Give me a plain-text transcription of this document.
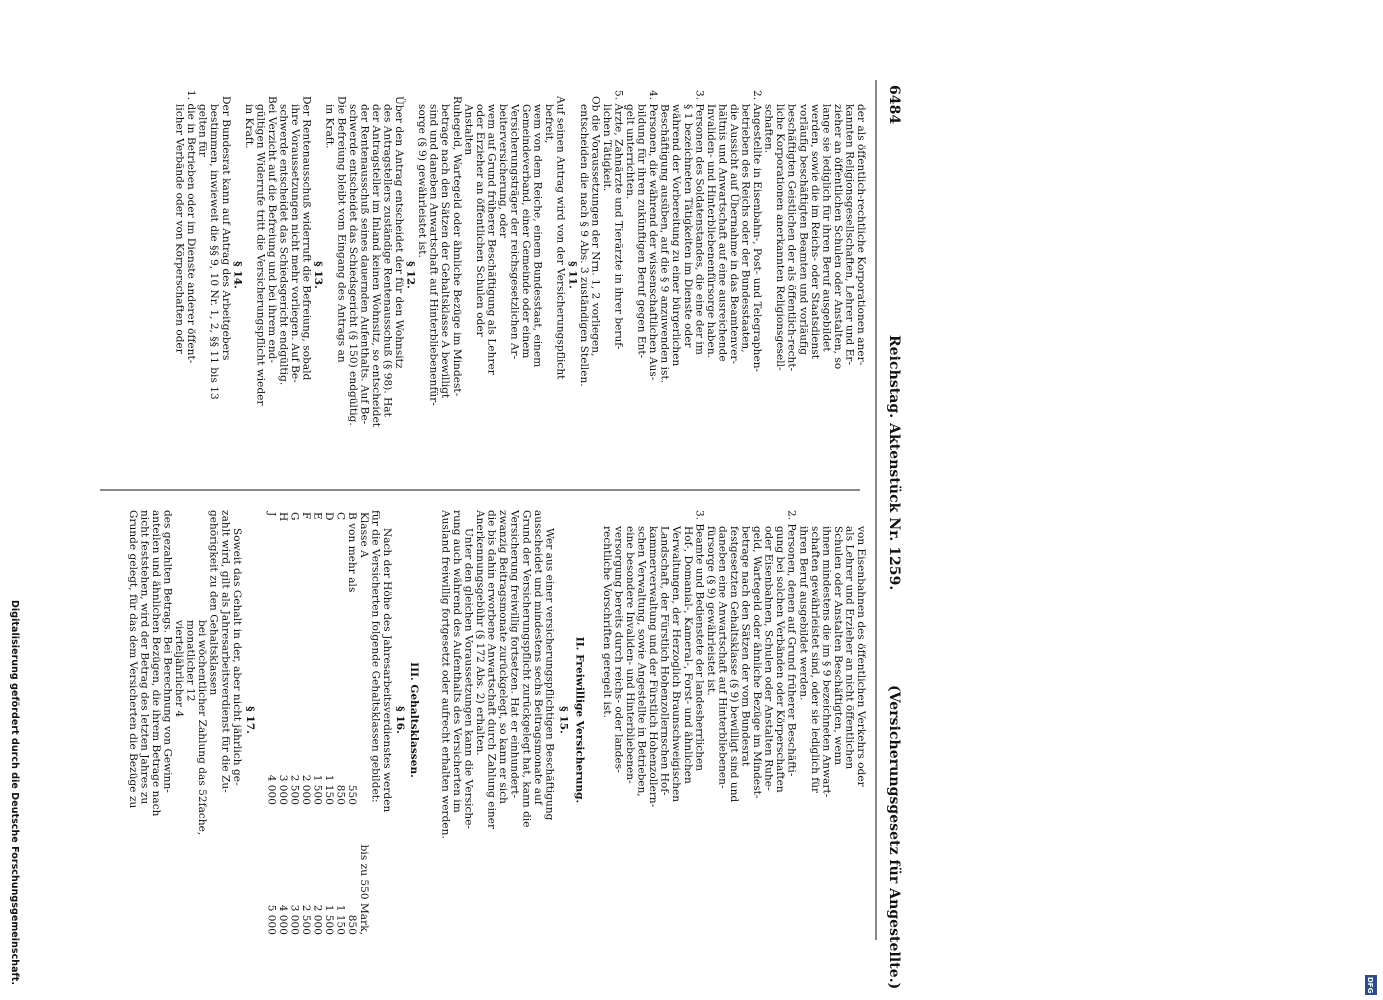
6484
Reichstag. Aktenstück Nr. 1259.
(Versicherungsgesetz für Angestellte.)
der als öffentlich-rechtliche Korporationen aner-
kannten Religionsgesellschaften, Lehrer und Er-
zieher an öffentlichen Schulen oder Anstalten, so
lange sie lediglich für ihren Beruf ausgebildet
werden, sowie die im Reichs- oder Staatsdienst
vorläufig beschäftigten Beamten und vorläufig
beschäftigten Geistlichen der als öffentlich-recht-
liche Korporationen anerkannten Religionsgesell-
schaften.
2. Angestellte in Eisenbahn-, Post- und Telegraphen-
betrieben des Reichs oder der Bundesstaaten,
die Aussicht auf Übernahme in das Beamtenver-
hältnis und Anwartschaft auf eine ausreichende
Invaliden- und Hinterbliebenenfürsorge haben.
3. Personen des Soldatenstandes, die eine der im
§ 1 bezeichneten Tätigkeiten im Dienste oder
während der Vorbereitung zu einer bürgerlichen
Beschäftigung ausüben, auf die § 9 anzuwenden ist.
4. Personen, die während der wissenschaftlichen Aus-
bildung für ihren zukünftigen Beruf gegen Ent-
gelt unterrichten.
5. Ärzte, Zahnärzte und Tierärzte in ihrer beruf-
lichen Tätigkeit.
Ob die Voraussetzungen der Nrn. 1, 2 vorliegen,
entscheiden die nach § 9 Abs. 3 zuständigen Stellen.
§ 11.
Auf seinen Antrag wird von der Versicherungspflicht
befreit,
wem von dem Reiche, einem Bundesstaat, einem
Gemeindeverband, einer Gemeinde oder einem
Versicherungsträger der reichsgesetzlichen Ar-
beiterversicherung, oder
wem auf Grund früherer Beschäftigung als Lehrer
oder Erzieher an öffentlichen Schulen oder
Anstalten
Ruhegeld, Wartegeld oder ähnliche Bezüge im Mindest-
betrage nach den Sätzen der Gehaltsklasse A bewilligt
sind und daneben Anwartschaft auf Hinterbliebenenfür-
sorge (§ 9) gewährleistet ist.
§ 12.
Über den Antrag entscheidet der für den Wohnsitz
des Antragstellers zuständige Rentenausschuß (§ 98). Hat
der Antragsteller im Inland keinen Wohnsitz, so entscheidet
der Rentenausschuß seines dauernden Aufenthalts. Auf Be-
schwerde entscheidet das Schiedsgericht (§ 150) endgültig.
Die Befreiung bleibt vom Eingang des Antrags an
in Kraft.
§ 13.
Der Rentenausschuß widerruft die Befreiung, sobald
ihre Voraussetzungen nicht mehr vorliegen. Auf Be-
schwerde entscheidet das Schiedsgericht endgültig.
Bei Verzicht auf die Befreiung und bei ihrem end-
gültigen Widerrufe tritt die Versicherungspflicht wieder
in Kraft.
§ 14.
Der Bundesrat kann auf Antrag des Arbeitgebers
bestimmen, inwieweit die §§ 9, 10 Nr. 1, 2, §§ 11 bis 13
gelten für
1. die in Betrieben oder im Dienste anderer öffent-
licher Verbände oder von Körperschaften oder
von Eisenbahnen des öffentlichen Verkehrs oder
als Lehrer und Erzieher an nicht öffentlichen
Schulen oder Anstalten Beschäftigten, wenn
ihnen mindestens die im § 9 bezeichneten Anwart-
schaften gewährleistet sind, oder sie lediglich für
ihren Beruf ausgebildet werden.
2. Personen, denen auf Grund früherer Beschäfti-
gung bei solchen Verbänden oder Körperschaften
oder Eisenbahnen, Schulen oder Anstalten Ruhe-
geld, Wartegeld oder ähnliche Bezüge im Mindest-
betrage nach den Sätzen der vom Bundesrat
festgesetzten Gehaltsklasse (§ 9) bewilligt sind und
daneben eine Anwartschaft auf Hinterbliebenen-
fürsorge (§ 9) gewährleistet ist.
3. Beamte und Bedienstete der landesherrlichen
Hof-, Domanial-, Kameral-, Forst- und ähnlichen
Verwaltungen, der Herzoglich Braunschweigischen
Landschaft, der Fürstlich Hohenzollernschen Hof-
kammerverwaltung und der Fürstlich Hohenzollern-
schen Verwaltung, sowie Angestellte in Betrieben,
eine besondere Invaliden- und Hinterbliebenen-
versorgung bereits durch reichs- oder landes-
rechtliche Vorschriften geregelt ist.
II. Freiwillige Versicherung.
§ 15.
Wer aus einer versicherungspflichtigen Beschäftigung
ausscheidet und mindestens sechs Beitragsmonate auf
Grund der Versicherungspflicht zurückgelegt hat, kann die
Versicherung freiwillig fortsetzen. Hat er einhundert-
zwanzig Beitragsmonate zurückgelegt, so kann er sich
die bis dahin erworbene Anwartschaft durch Zahlung einer
Anerkennungsgebühr (§ 172 Abs. 2) erhalten.
Unter den gleichen Voraussetzungen kann die Versiche-
rung auch während des Aufenthalts des Versicherten im
Ausland freiwillig fortgesetzt oder aufrecht erhalten werden.
III. Gehaltsklassen.
§ 16.
Nach der Höhe des Jahresarbeitsverdienstes werden
für die Versicherten folgende Gehaltsklassen gebildet:
Klasse A
bis zu 550 Mark,
B von mehr als
550
850
C
850
1 150
D
1 150
1 500
E
1 500
2 000
F
2 000
2 500
G
2 500
3 000
H
3 000
4 000
J
4 000
5 000
§ 17.
Soweit das Gehalt in der, aber nicht jährlich ge-
zahlt wird, gilt als Jahresarbeitsverdienst für die Zu-
gehörigkeit zu den Gehaltsklassen
bei wöchentlicher Zahlung das 52fache,
monatlicher 12
vierteljährlicher 4
des gezahlten Betrags. Bei Berechnung von Gewinn-
anteilen und ähnlichen Bezügen, die ihrem Betrage nach
nicht feststehen, wird der Betrag des letzten Jahres zu
Grunde gelegt, für das dem Versicherten die Bezüge zu
Digitalisierung gefördert durch die Deutsche Forschungsgemeinschaft.
DFG
